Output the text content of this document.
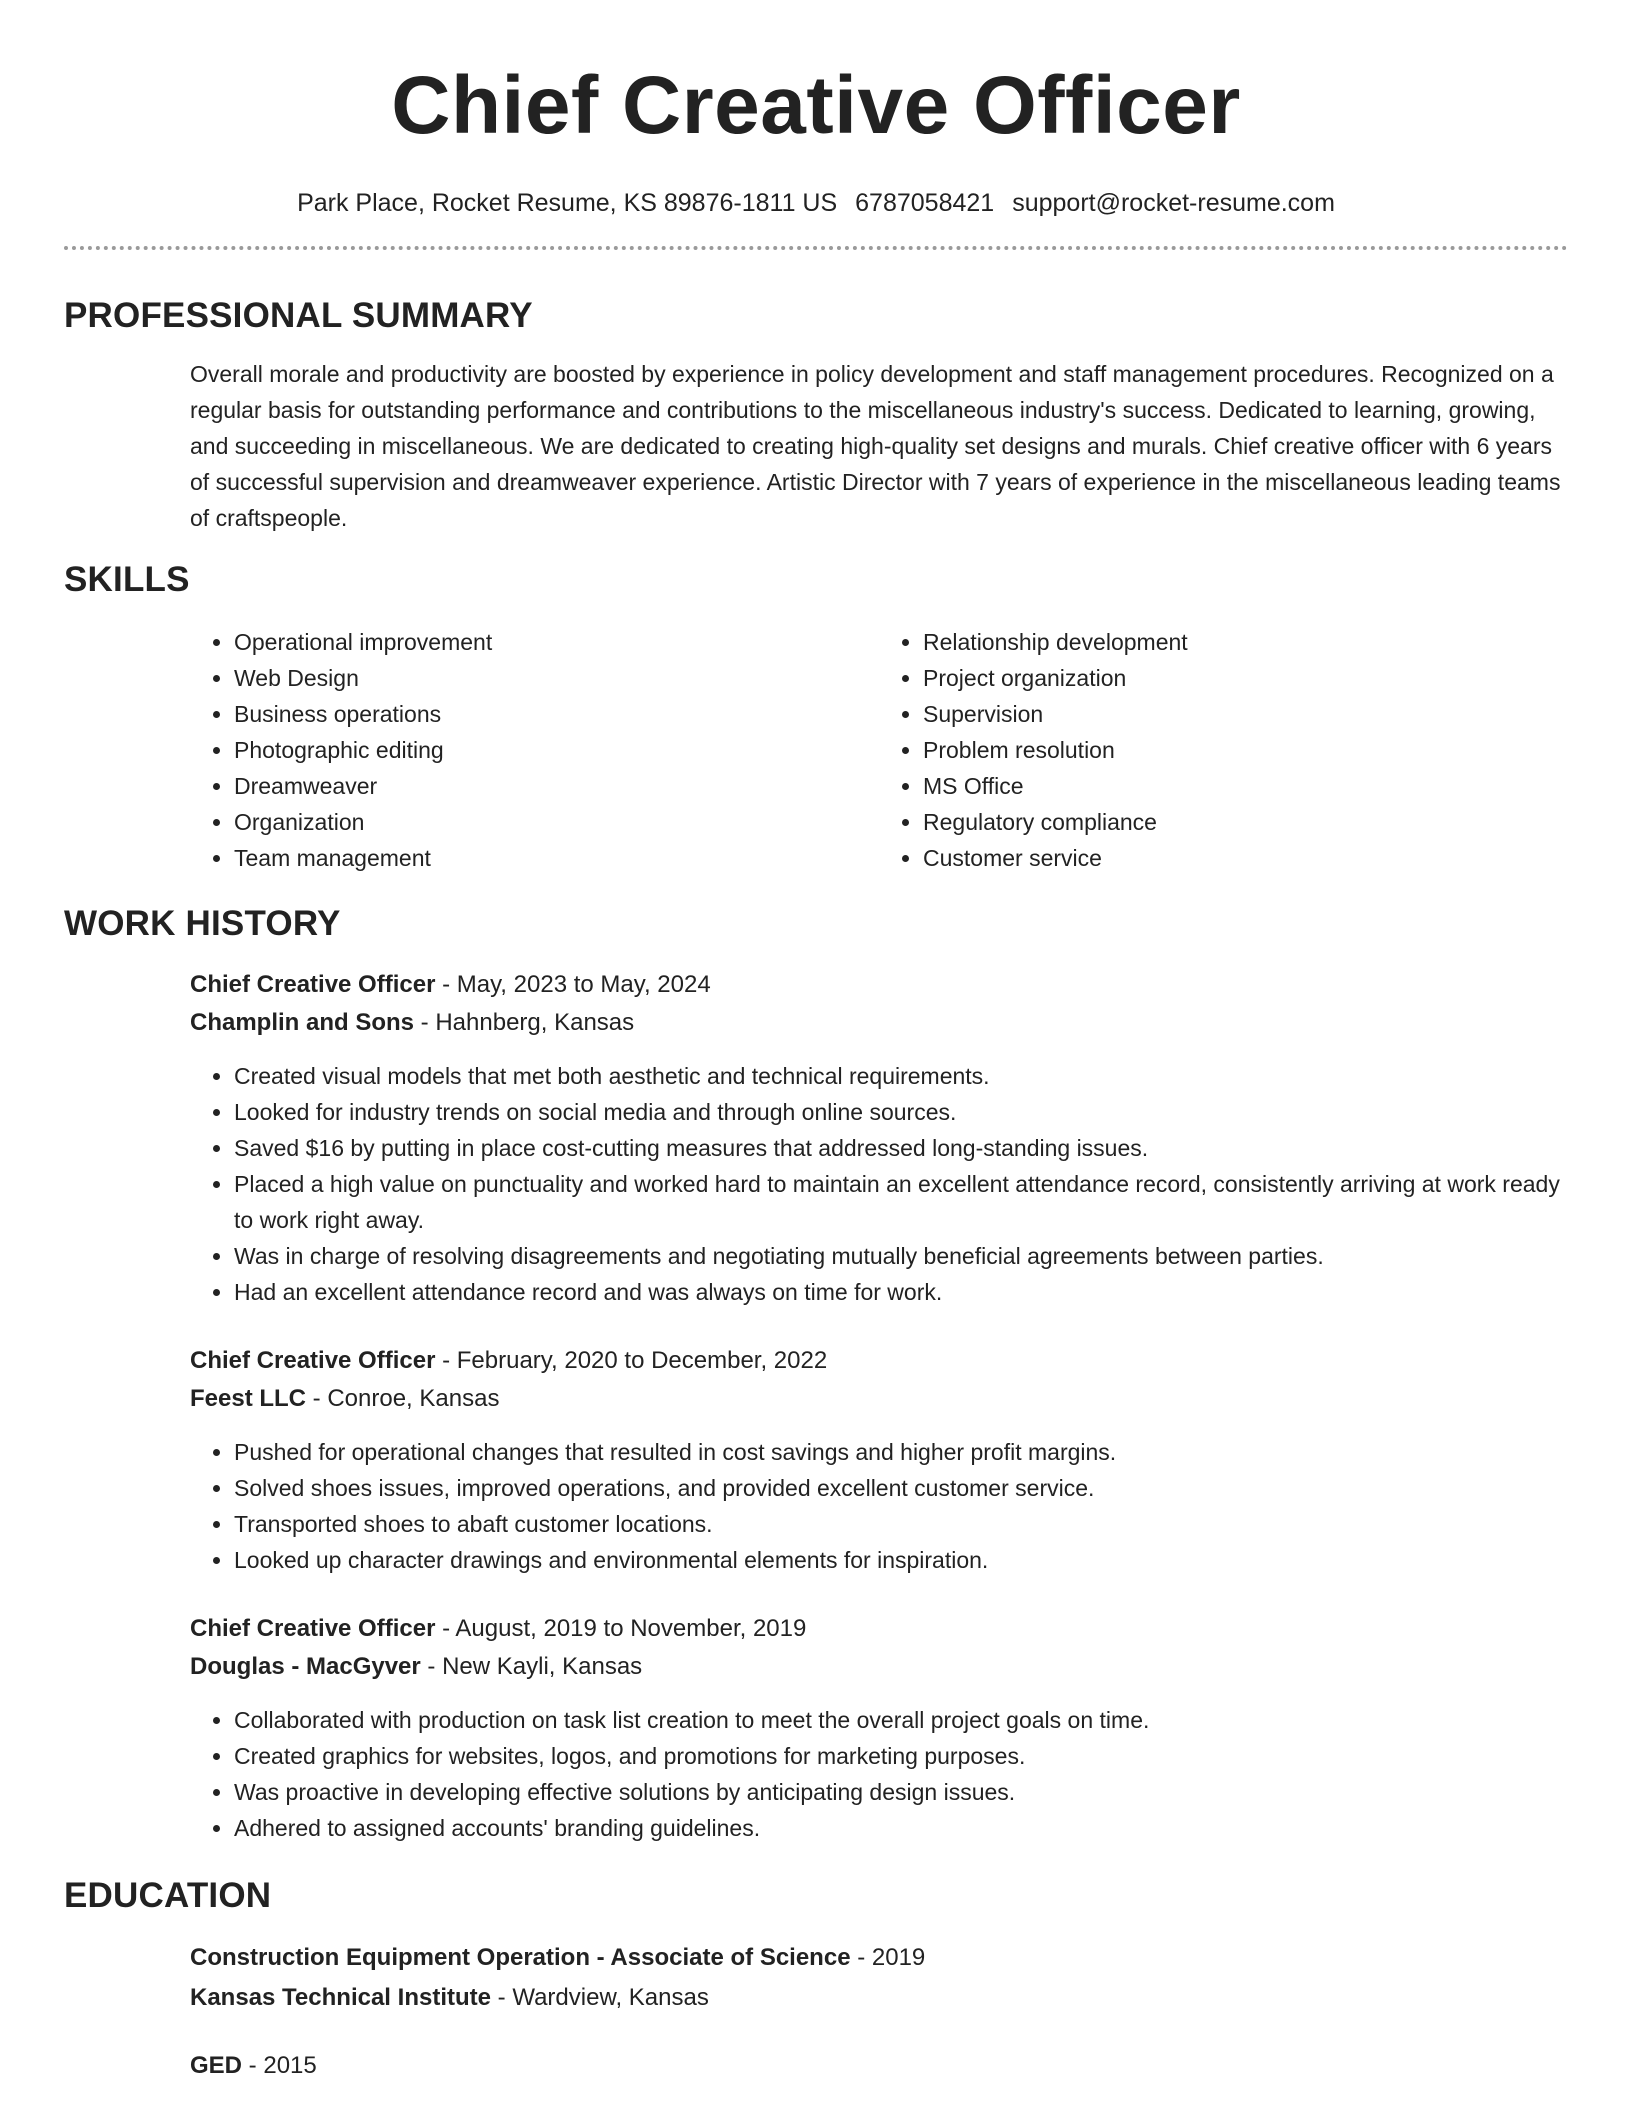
Chief Creative Officer
Park Place, Rocket Resume, KS 89876-1811 US 6787058421 support@rocket-resume.com
PROFESSIONAL SUMMARY

Overall morale and productivity are boosted by experience in policy development and staff management procedures. Recognized on a regular basis for outstanding performance and contributions to the miscellaneous industry's success. Dedicated to learning, growing, and succeeding in miscellaneous. We are dedicated to creating high-quality set designs and murals. Chief creative officer with 6 years of successful supervision and dreamweaver experience. Artistic Director with 7 years of experience in the miscellaneous leading teams of craftspeople.

SKILLS
• Operational improvement
• Web Design
• Business operations
• Photographic editing
• Dreamweaver
• Organization
• Team management
• Relationship development
• Project organization
• Supervision
• Problem resolution
• MS Office
• Regulatory compliance
• Customer service
WORK HISTORY
Chief Creative Officer - May, 2023 to May, 2024
Champlin and Sons - Hahnberg, Kansas
• Created visual models that met both aesthetic and technical requirements.
• Looked for industry trends on social media and through online sources.
• Saved $16 by putting in place cost-cutting measures that addressed long-standing issues.
• Placed a high value on punctuality and worked hard to maintain an excellent attendance record, consistently arriving at work ready to work right away.
• Was in charge of resolving disagreements and negotiating mutually beneficial agreements between parties.
• Had an excellent attendance record and was always on time for work.
Chief Creative Officer - February, 2020 to December, 2022
Feest LLC - Conroe, Kansas
• Pushed for operational changes that resulted in cost savings and higher profit margins.
• Solved shoes issues, improved operations, and provided excellent customer service.
• Transported shoes to abaft customer locations.
• Looked up character drawings and environmental elements for inspiration.
Chief Creative Officer - August, 2019 to November, 2019
Douglas - MacGyver - New Kayli, Kansas
• Collaborated with production on task list creation to meet the overall project goals on time.
• Created graphics for websites, logos, and promotions for marketing purposes.
• Was proactive in developing effective solutions by anticipating design issues.
• Adhered to assigned accounts' branding guidelines.
EDUCATION
Construction Equipment Operation - Associate of Science - 2019
Kansas Technical Institute - Wardview, Kansas
GED - 2015
